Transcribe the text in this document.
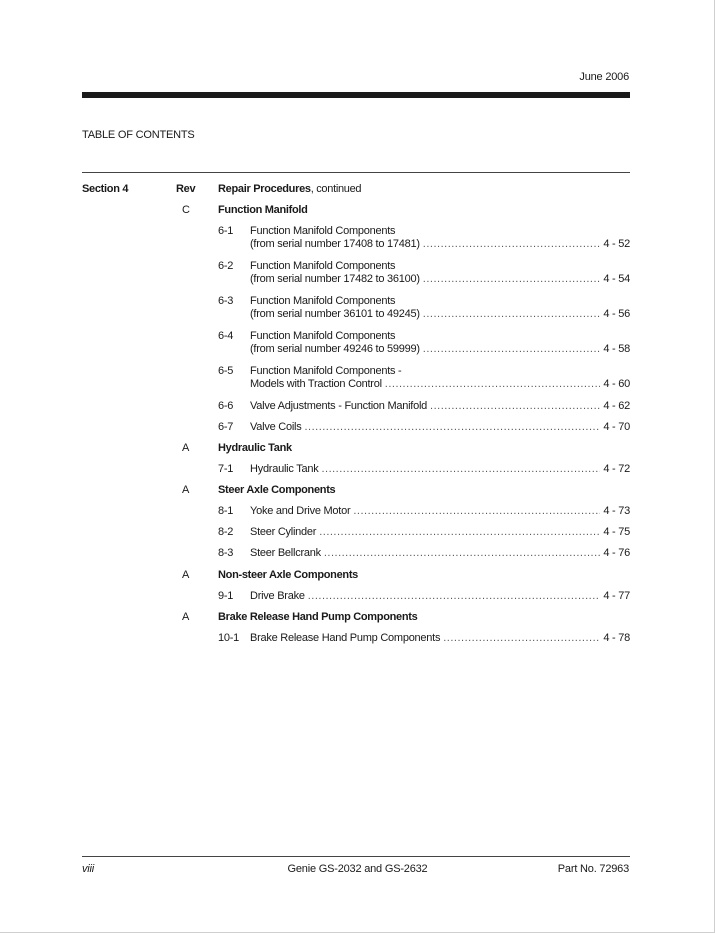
June 2006
TABLE OF CONTENTS
Section 4	Rev Repair Procedures, continued
C	Function Manifold
6-1 Function Manifold Components
(from serial number 17408 to 17481) .....	4 - 52
6-2 Function Manifold Components
(from serial number 17482 to 36100) .....	4 - 54
6-3 Function Manifold Components
(from serial number 36101 to 49245) .....	4 - 56
6-4 Function Manifold Components
(from serial number 49246 to 59999) .....	4 - 58
6-5 Function Manifold Components -
Models with Traction Control .....	4 - 60
6-6 Valve Adjustments - Function Manifold .....	4 - 62
6-7 Valve Coils .....	4 - 70
A	Hydraulic Tank
7-1 Hydraulic Tank .....	4 - 72
A	Steer Axle Components
8-1 Yoke and Drive Motor .....	4 - 73
8-2 Steer Cylinder .....	4 - 75
8-3 Steer Bellcrank .....	4 - 76
A	Non-steer Axle Components
9-1 Drive Brake .....	4 - 77
A	Brake Release Hand Pump Components
10-1 Brake Release Hand Pump Components .....	4 - 78
viii	Genie GS-2032 and GS-2632	Part No. 72963
